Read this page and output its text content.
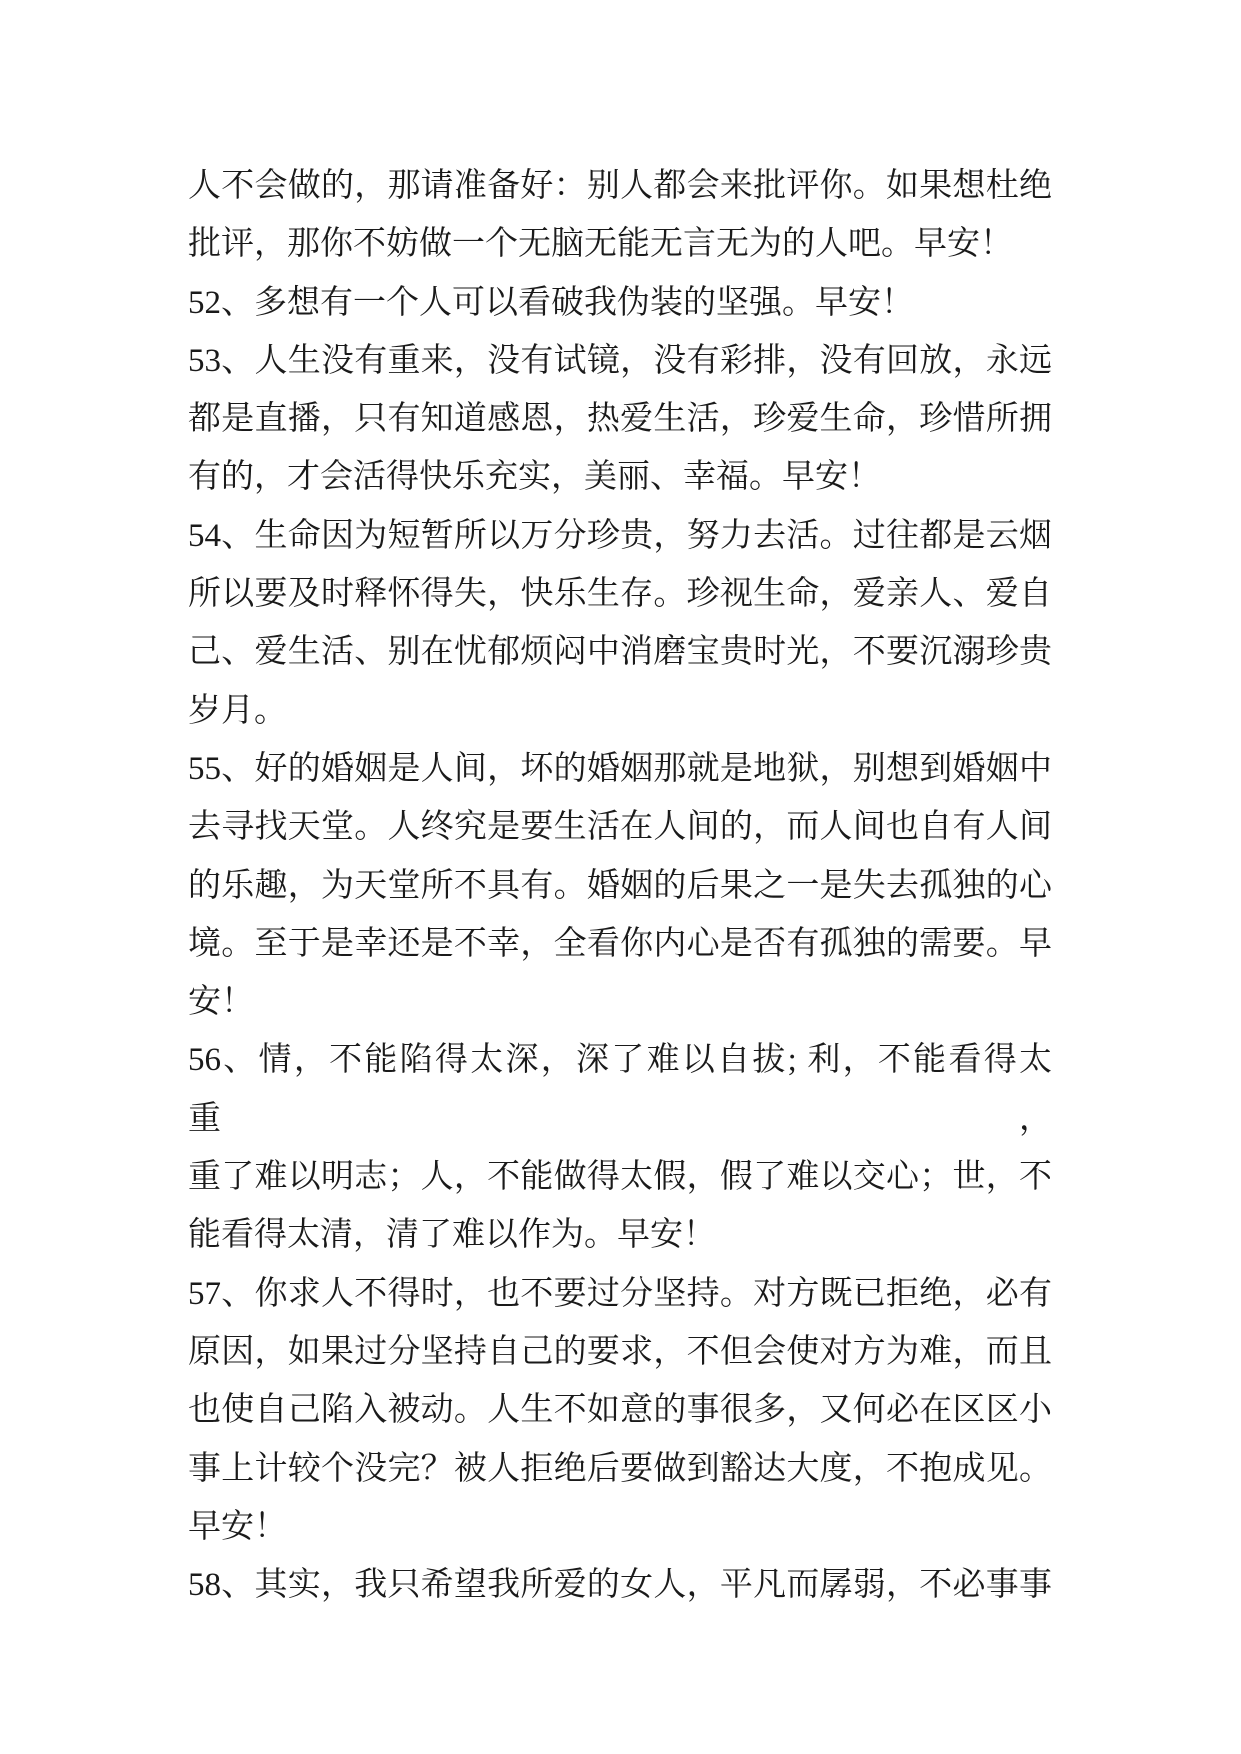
人不会做的，那请准备好：别人都会来批评你。如果想杜绝
批评，那你不妨做一个无脑无能无言无为的人吧。早安！
52、多想有一个人可以看破我伪装的坚强。早安！
53、人生没有重来，没有试镜，没有彩排，没有回放，永远
都是直播，只有知道感恩，热爱生活，珍爱生命，珍惜所拥
有的，才会活得快乐充实，美丽、幸福。早安！
54、生命因为短暂所以万分珍贵，努力去活。过往都是云烟
所以要及时释怀得失，快乐生存。珍视生命，爱亲人、爱自
己、爱生活、别在忧郁烦闷中消磨宝贵时光，不要沉溺珍贵
岁月。
55、好的婚姻是人间，坏的婚姻那就是地狱，别想到婚姻中
去寻找天堂。人终究是要生活在人间的，而人间也自有人间
的乐趣，为天堂所不具有。婚姻的后果之一是失去孤独的心
境。至于是幸还是不幸，全看你内心是否有孤独的需要。早
安！
56、情，不能陷得太深，深了难以自拔; 利，不能看得太重，
重了难以明志；人，不能做得太假，假了难以交心；世，不
能看得太清，清了难以作为。早安！
57、你求人不得时，也不要过分坚持。对方既已拒绝，必有
原因，如果过分坚持自己的要求，不但会使对方为难，而且
也使自己陷入被动。人生不如意的事很多，又何必在区区小
事上计较个没完？被人拒绝后要做到豁达大度，不抱成见。
早安！
58、其实，我只希望我所爱的女人，平凡而孱弱，不必事事
